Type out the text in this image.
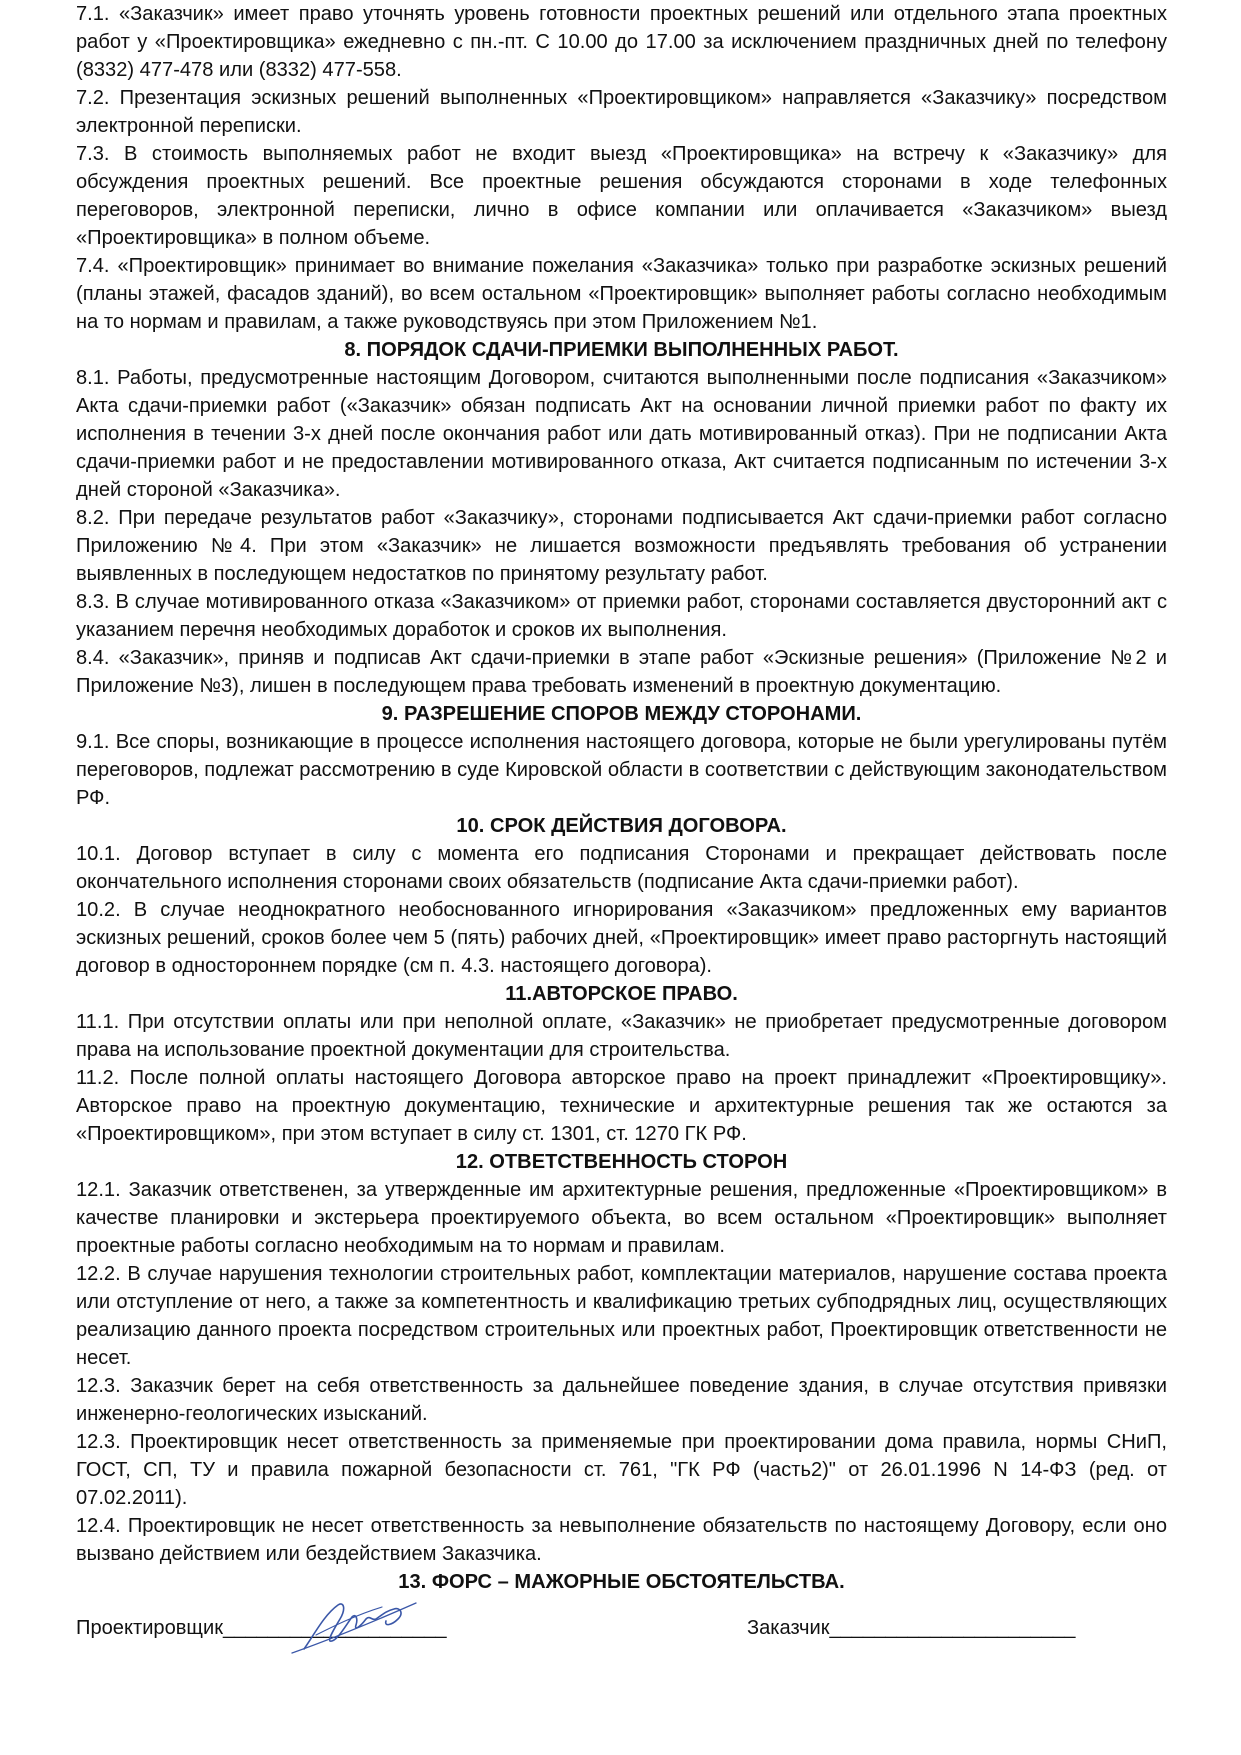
7.1. «Заказчик» имеет право уточнять уровень готовности проектных решений или отдельного этапа проектных работ у «Проектировщика» ежедневно с пн.-пт. С 10.00 до 17.00 за исключением праздничных дней по телефону (8332) 477-478 или (8332) 477-558.

7.2. Презентация эскизных решений выполненных «Проектировщиком» направляется «Заказчику» посредством электронной переписки.

7.3. В стоимость выполняемых работ не входит выезд «Проектировщика» на встречу к «Заказчику» для обсуждения проектных решений. Все проектные решения обсуждаются сторонами в ходе телефонных переговоров, электронной переписки, лично в офисе компании или оплачивается «Заказчиком» выезд «Проектировщика» в полном объеме.

7.4. «Проектировщик» принимает во внимание пожелания «Заказчика» только при разработке эскизных решений (планы этажей, фасадов зданий), во всем остальном «Проектировщик» выполняет работы согласно необходимым на то нормам и правилам, а также руководствуясь при этом Приложением №1.

8. ПОРЯДОК СДАЧИ-ПРИЕМКИ ВЫПОЛНЕННЫХ РАБОТ.

8.1. Работы, предусмотренные настоящим Договором, считаются выполненными после подписания «Заказчиком» Акта сдачи-приемки работ («Заказчик» обязан подписать Акт на основании личной приемки работ по факту их исполнения в течении 3-х дней после окончания работ или дать мотивированный отказ). При не подписании Акта сдачи-приемки работ и не предоставлении мотивированного отказа, Акт считается подписанным по истечении 3-х дней стороной «Заказчика».

8.2. При передаче результатов работ «Заказчику», сторонами подписывается Акт сдачи-приемки работ согласно Приложению №4. При этом «Заказчик» не лишается возможности предъявлять требования об устранении выявленных в последующем недостатков по принятому результату работ.

8.3. В случае мотивированного отказа «Заказчиком» от приемки работ, сторонами составляется двусторонний акт с указанием перечня необходимых доработок и сроков их выполнения.

8.4. «Заказчик», приняв и подписав Акт сдачи-приемки в этапе работ «Эскизные решения» (Приложение №2 и Приложение №3), лишен в последующем права требовать изменений в проектную документацию.

9. РАЗРЕШЕНИЕ СПОРОВ МЕЖДУ СТОРОНАМИ.

9.1. Все споры, возникающие в процессе исполнения настоящего договора, которые не были урегулированы путём переговоров, подлежат рассмотрению в суде Кировской области в соответствии с действующим законодательством РФ.

10. СРОК ДЕЙСТВИЯ ДОГОВОРА.

10.1. Договор вступает в силу с момента его подписания Сторонами и прекращает действовать после окончательного исполнения сторонами своих обязательств (подписание Акта сдачи-приемки работ).

10.2. В случае неоднократного необоснованного игнорирования «Заказчиком» предложенных ему вариантов эскизных решений, сроков более чем 5 (пять) рабочих дней, «Проектировщик» имеет право расторгнуть настоящий договор в одностороннем порядке (см п. 4.3. настоящего договора).

11.АВТОРСКОЕ ПРАВО.

11.1. При отсутствии оплаты или при неполной оплате, «Заказчик» не приобретает предусмотренные договором права на использование проектной документации для строительства.

11.2. После полной оплаты настоящего Договора авторское право на проект принадлежит «Проектировщику». Авторское право на проектную документацию, технические и архитектурные решения так же остаются за «Проектировщиком», при этом вступает в силу ст. 1301, ст. 1270 ГК РФ.

12. ОТВЕТСТВЕННОСТЬ СТОРОН

12.1. Заказчик ответственен, за утвержденные им архитектурные решения, предложенные «Проектировщиком» в качестве планировки и экстерьера проектируемого объекта, во всем остальном «Проектировщик» выполняет проектные работы согласно необходимым на то нормам и правилам.

12.2. В случае нарушения технологии строительных работ, комплектации материалов, нарушение состава проекта или отступление от него, а также за компетентность и квалификацию третьих субподрядных лиц, осуществляющих реализацию данного проекта посредством строительных или проектных работ, Проектировщик ответственности не несет.

12.3. Заказчик берет на себя ответственность за дальнейшее поведение здания, в случае отсутствия привязки инженерно-геологических изысканий.

12.3. Проектировщик несет ответственность за применяемые при проектировании дома правила, нормы СНиП, ГОСТ, СП, ТУ и правила пожарной безопасности ст. 761, "ГК РФ (часть2)" от 26.01.1996 N 14-ФЗ (ред. от 07.02.2011).

12.4. Проектировщик не несет ответственность за невыполнение обязательств по настоящему Договору, если оно вызвано действием или бездействием Заказчика.

13. ФОРС – МАЖОРНЫЕ ОБСТОЯТЕЛЬСТВА.

Проектировщик____________________	Заказчик______________________
